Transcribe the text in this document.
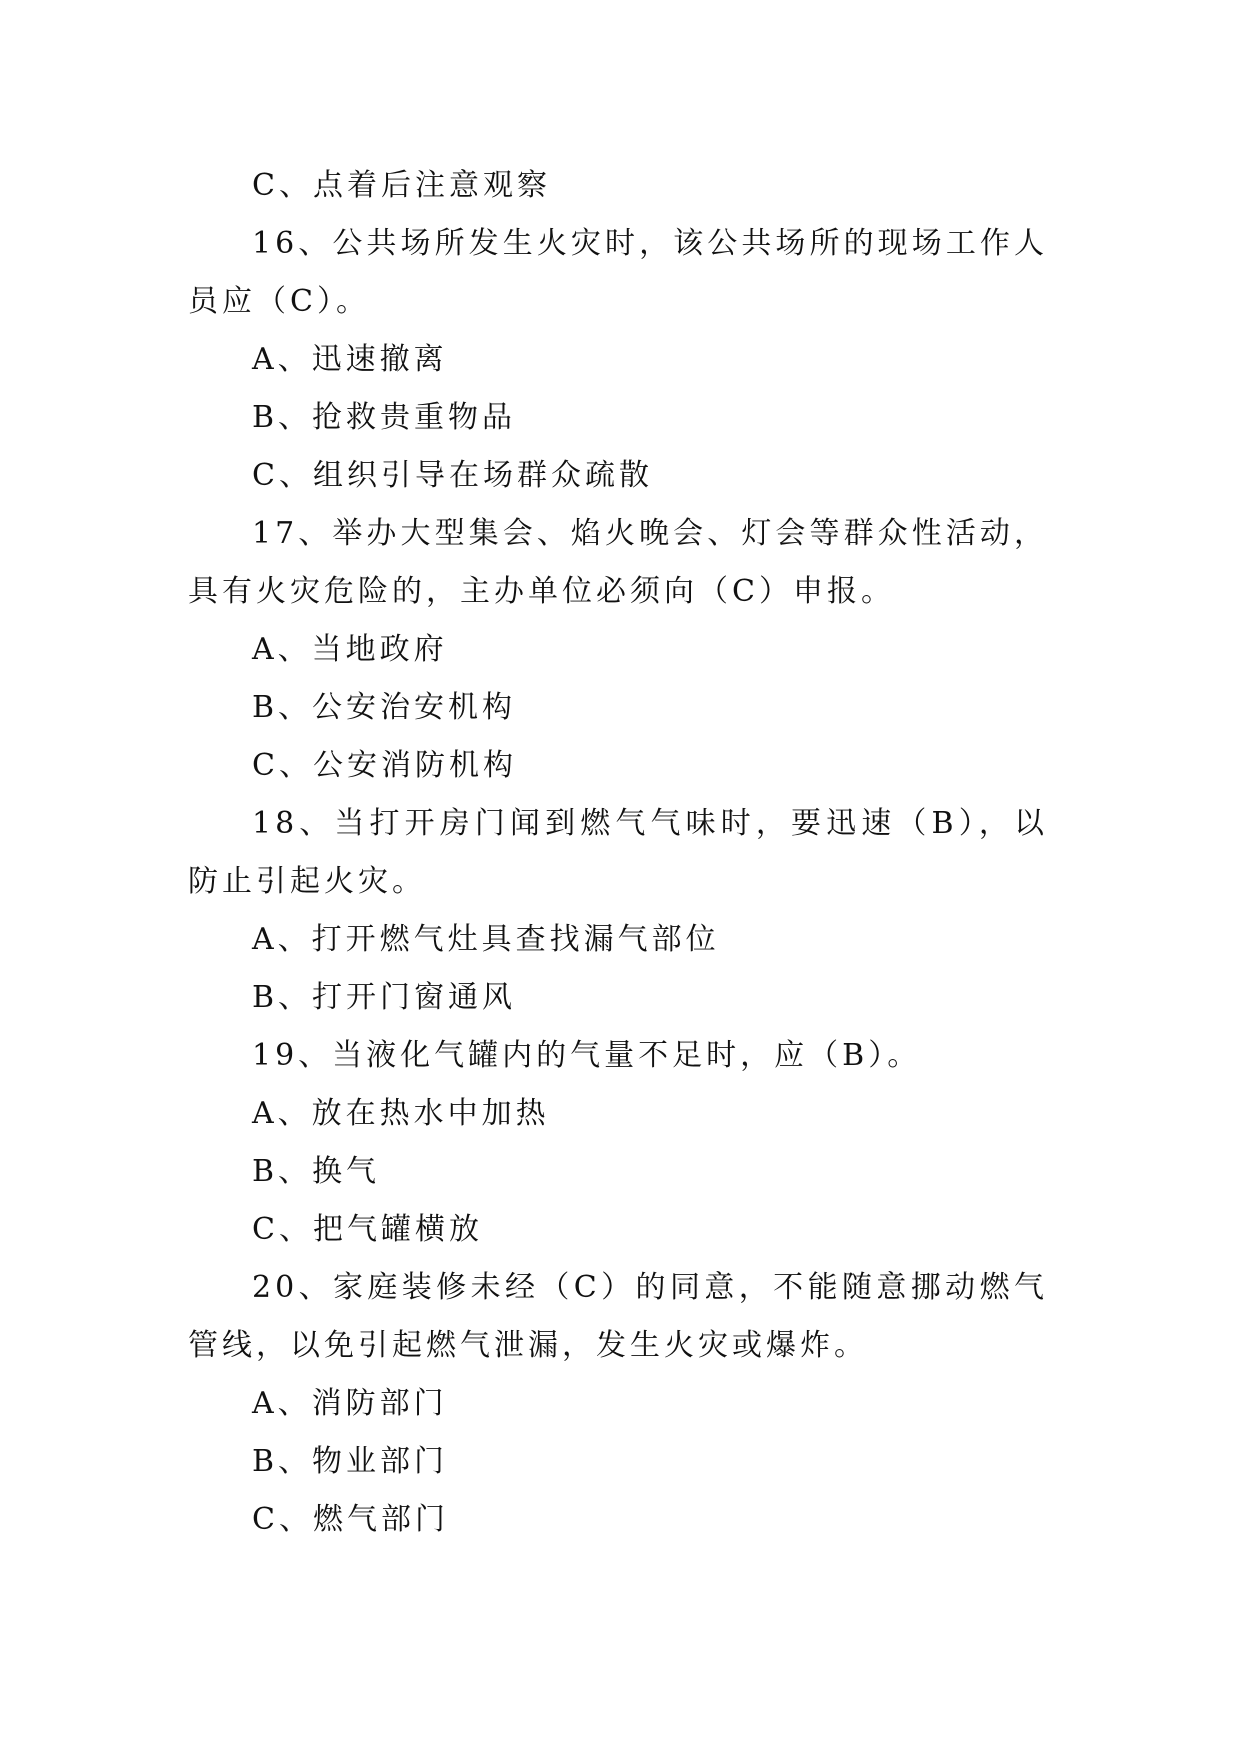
C、点着后注意观察
16、公共场所发生火灾时，该公共场所的现场工作人员应（C）。
A、迅速撤离
B、抢救贵重物品
C、组织引导在场群众疏散
17、举办大型集会、焰火晚会、灯会等群众性活动，具有火灾危险的，主办单位必须向（C）申报。
A、当地政府
B、公安治安机构
C、公安消防机构
18、当打开房门闻到燃气气味时，要迅速（B），以防止引起火灾。
A、打开燃气灶具查找漏气部位
B、打开门窗通风
19、当液化气罐内的气量不足时，应（B）。
A、放在热水中加热
B、换气
C、把气罐横放
20、家庭装修未经（C）的同意，不能随意挪动燃气管线，以免引起燃气泄漏，发生火灾或爆炸。
A、消防部门
B、物业部门
C、燃气部门
